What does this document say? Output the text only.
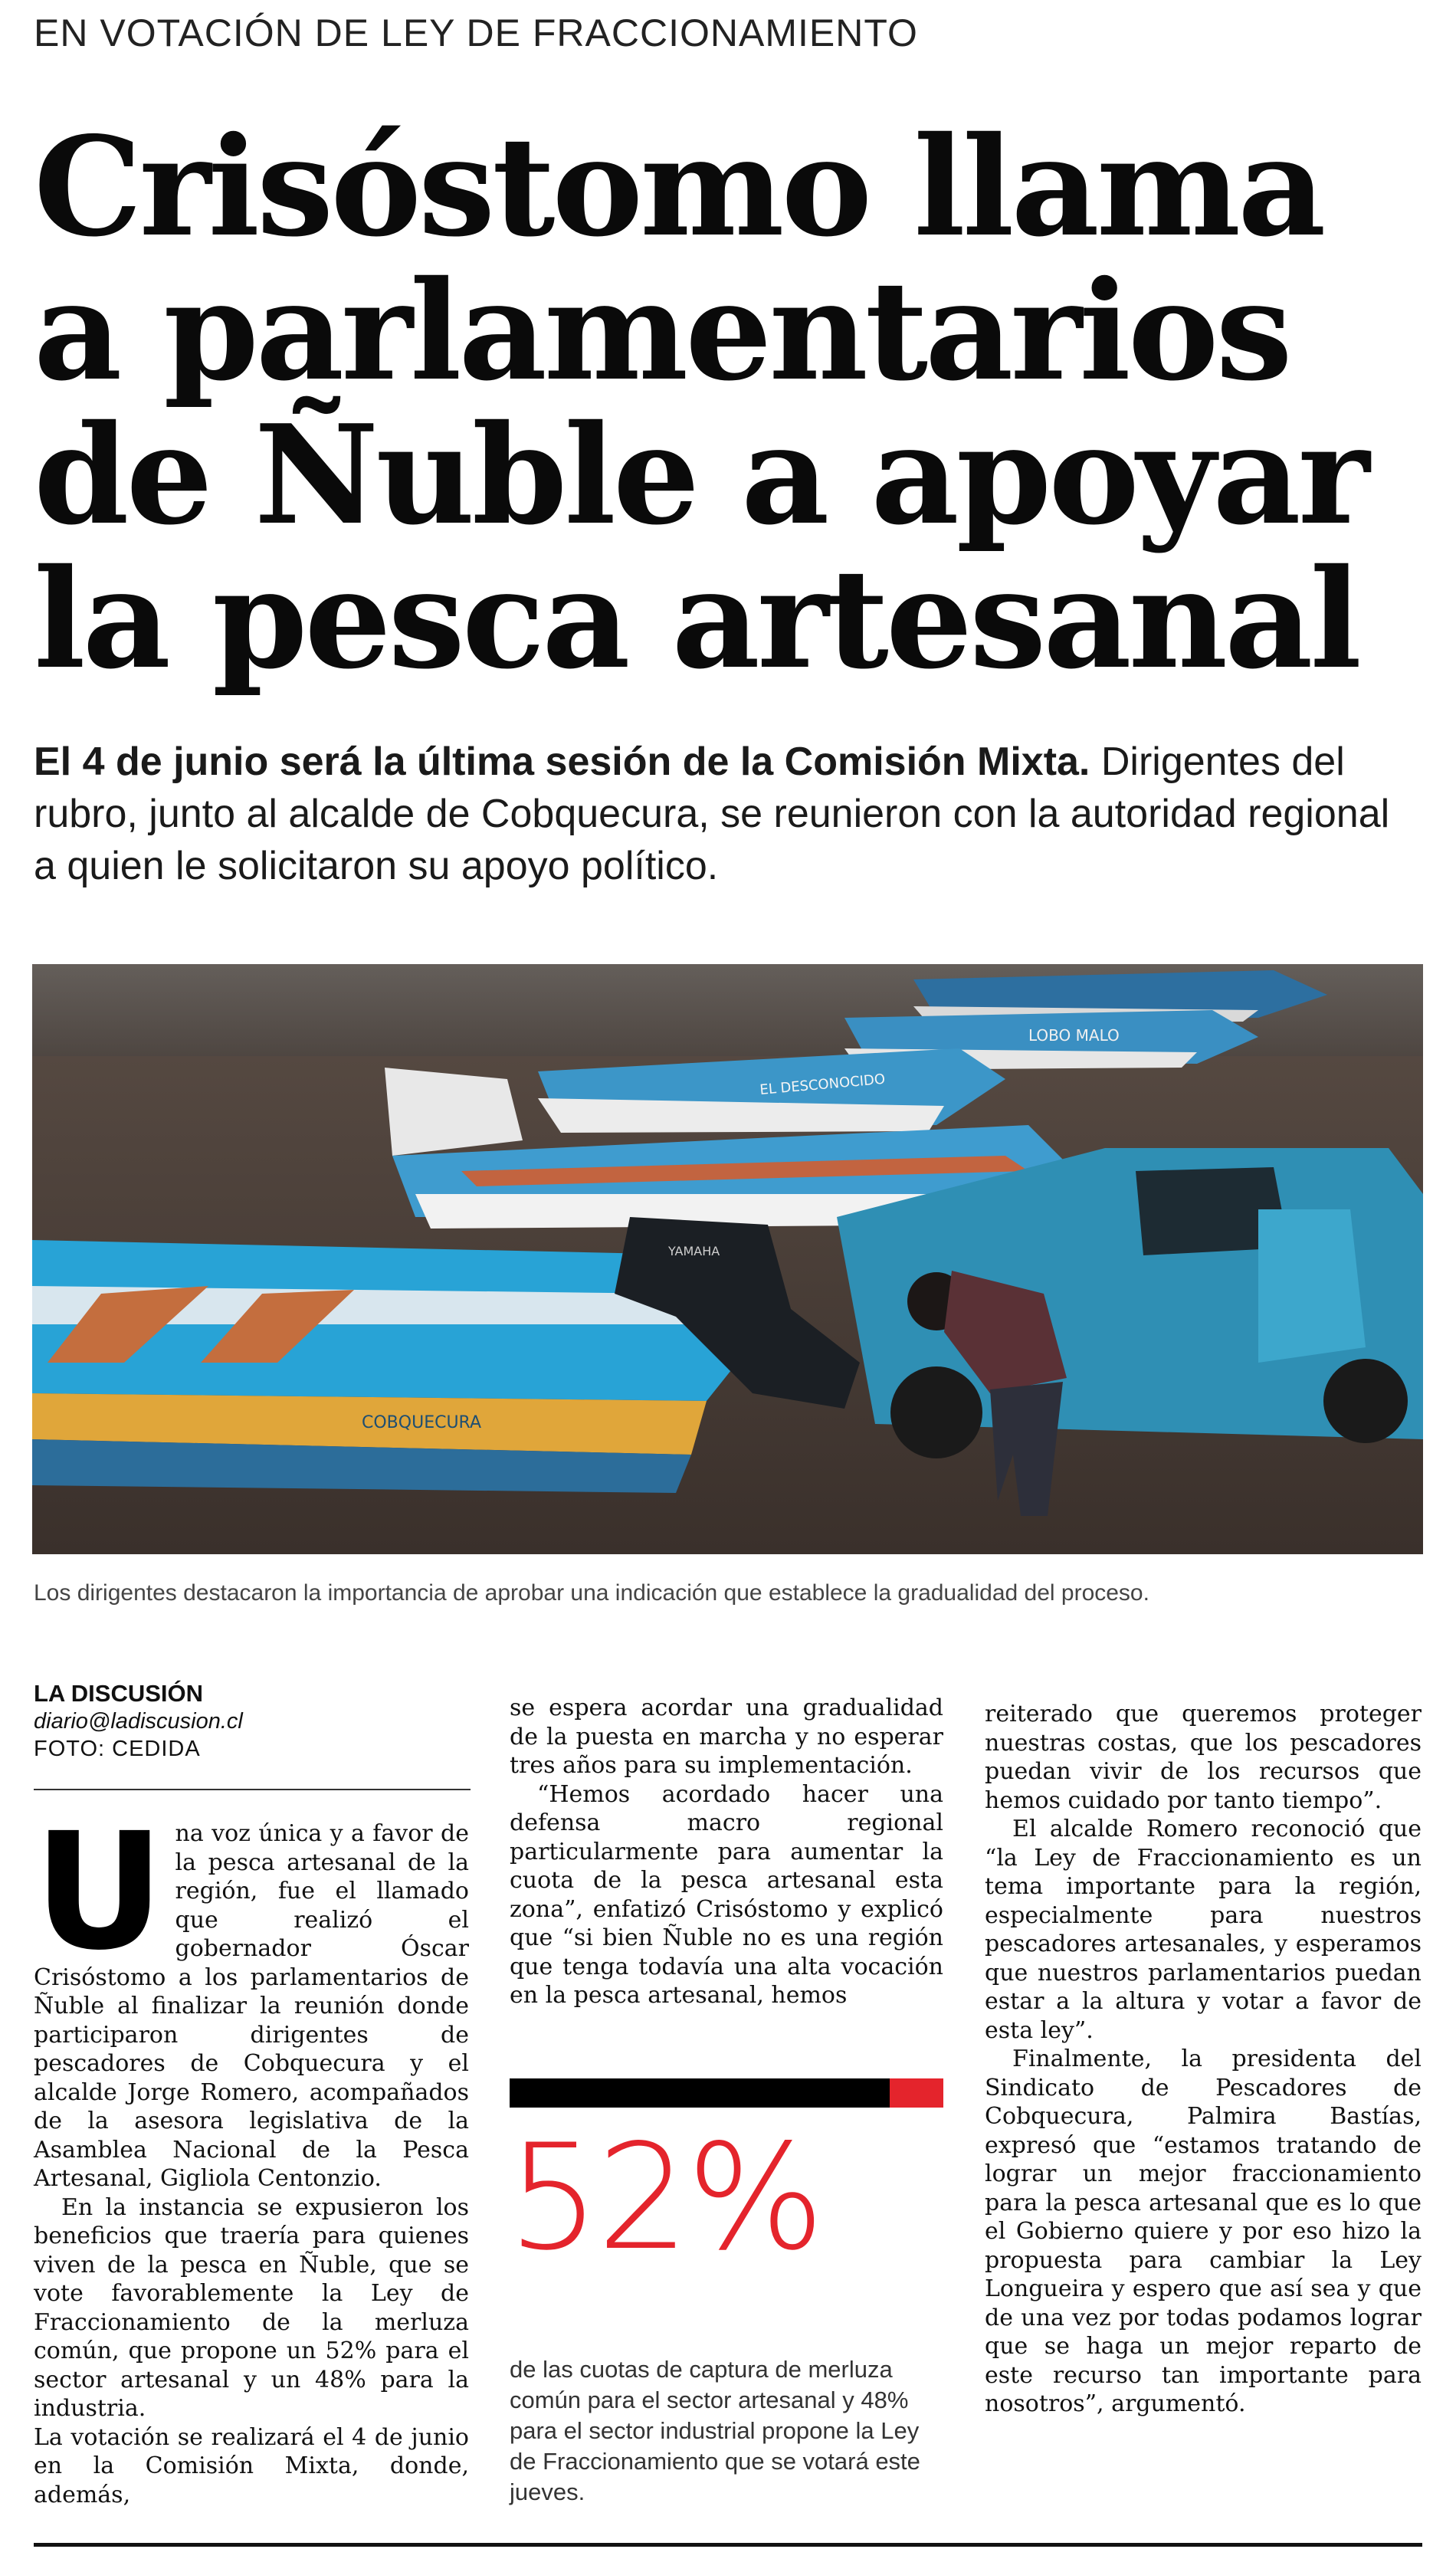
EN VOTACIÓN DE LEY DE FRACCIONAMIENTO
Crisóstomo llama
a parlamentarios
de Ñuble a apoyar
la pesca artesanal
El 4 de junio será la última sesión de la Comisión Mixta. Dirigentes del rubro, junto al alcalde de Cobquecura, se reunieron con la autoridad regional a quien le solicitaron su apoyo político.
LOBO MALO
EL DESCONOCIDO
COBQUECURA
YAMAHA
Los dirigentes destacaron la importancia de aprobar una indicación que establece la gradualidad del proceso.
LA DISCUSIÓN
diario@ladiscusion.cl
FOTO: CEDIDA
U na voz única y a favor de la pesca artesanal de la región, fue el llamado que realizó el gobernador Óscar Crisóstomo a los parlamentarios de Ñuble al finalizar la reunión donde participaron dirigentes de pescadores de Cobquecura y el alcalde Jorge Romero, acompañados de la asesora legislativa de la Asamblea Nacional de la Pesca Artesanal, Gigliola Centonzio.

En la instancia se expusieron los beneficios que traería para quienes viven de la pesca en Ñuble, que se vote favorablemente la Ley de Fraccionamiento de la merluza común, que propone un 52% para el sector artesanal y un 48% para la industria.

La votación se realizará el 4 de junio en la Comisión Mixta, donde, además,

se espera acordar una gradualidad de la puesta en marcha y no esperar tres años para su implementación.

“Hemos acordado hacer una defensa macro regional particularmente para aumentar la cuota de la pesca artesanal esta zona”, enfatizó Crisóstomo y explicó que “si bien Ñuble no es una región que tenga todavía una alta vocación en la pesca artesanal, hemos

52%
de las cuotas de captura de merluza común para el sector artesanal y 48% para el sector industrial propone la Ley de Fraccionamiento que se votará este jueves.

reiterado que queremos proteger nuestras costas, que los pescadores puedan vivir de los recursos que hemos cuidado por tanto tiempo”.

El alcalde Romero reconoció que “la Ley de Fraccionamiento es un tema importante para la región, especialmente para nuestros pescadores artesanales, y esperamos que nuestros parlamentarios puedan estar a la altura y votar a favor de esta ley”.

Finalmente, la presidenta del Sindicato de Pescadores de Cobquecura, Palmira Bastías, expresó que “estamos tratando de lograr un mejor fraccionamiento para la pesca artesanal que es lo que el Gobierno quiere y por eso hizo la propuesta para cambiar la Ley Longueira y espero que así sea y que de una vez por todas podamos lograr que se haga un mejor reparto de este recurso tan importante para nosotros”, argumentó.
